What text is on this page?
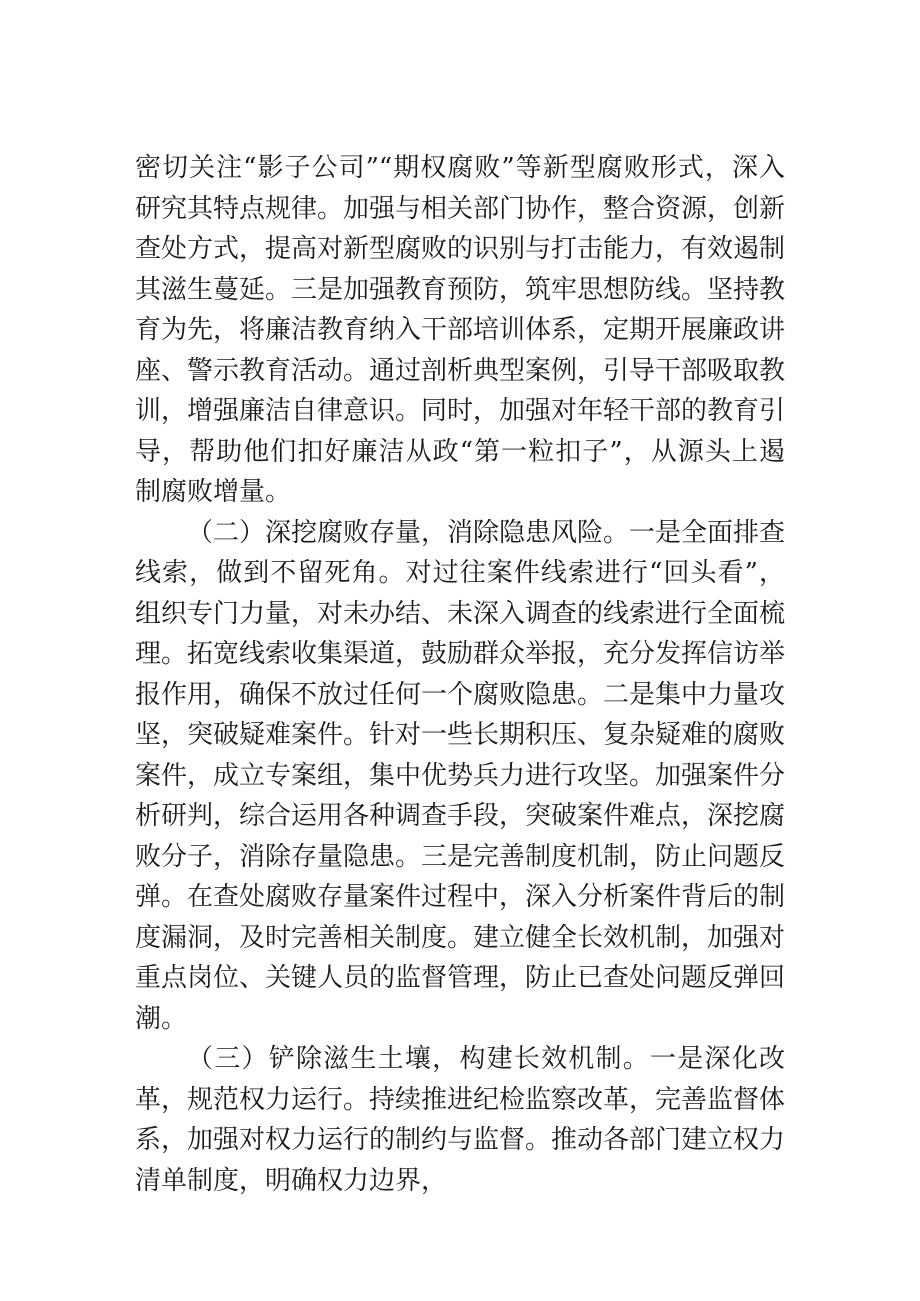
密切关注“影子公司”“期权腐败”等新型腐败形式，深入研究其特点规律。加强与相关部门协作，整合资源，创新查处方式，提高对新型腐败的识别与打击能力，有效遏制其滋生蔓延。三是加强教育预防，筑牢思想防线。坚持教育为先，将廉洁教育纳入干部培训体系，定期开展廉政讲座、警示教育活动。通过剖析典型案例，引导干部吸取教训，增强廉洁自律意识。同时，加强对年轻干部的教育引导，帮助他们扣好廉洁从政“第一粒扣子”，从源头上遏制腐败增量。

（二）深挖腐败存量，消除隐患风险。一是全面排查线索，做到不留死角。对过往案件线索进行“回头看”，组织专门力量，对未办结、未深入调查的线索进行全面梳理。拓宽线索收集渠道，鼓励群众举报，充分发挥信访举报作用，确保不放过任何一个腐败隐患。二是集中力量攻坚，突破疑难案件。针对一些长期积压、复杂疑难的腐败案件，成立专案组，集中优势兵力进行攻坚。加强案件分析研判，综合运用各种调查手段，突破案件难点，深挖腐败分子，消除存量隐患。三是完善制度机制，防止问题反弹。在查处腐败存量案件过程中，深入分析案件背后的制度漏洞，及时完善相关制度。建立健全长效机制，加强对重点岗位、关键人员的监督管理，防止已查处问题反弹回潮。

（三）铲除滋生土壤，构建长效机制。一是深化改革，规范权力运行。持续推进纪检监察改革，完善监督体系，加强对权力运行的制约与监督。推动各部门建立权力清单制度，明确权力边界，
